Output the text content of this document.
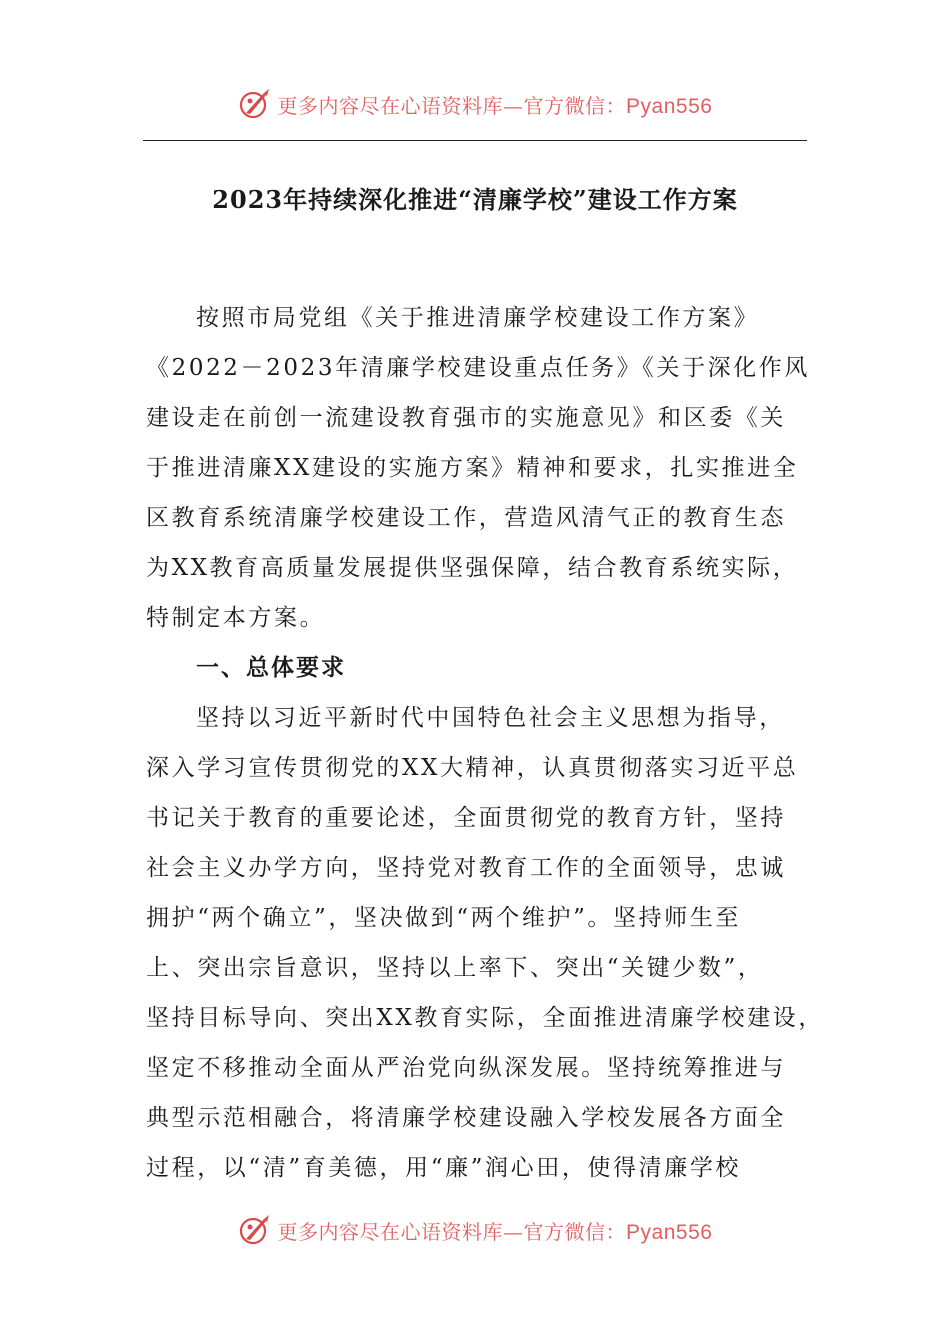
更多内容尽在心语资料库—官方微信：Pyan556
2023年持续深化推进“清廉学校”建设工作方案

按照市局党组《关于推进清廉学校建设工作方案》
《2022－2023年清廉学校建设重点任务》《关于深化作风
建设走在前创一流建设教育强市的实施意见》和区委《关
于推进清廉XX建设的实施方案》精神和要求，扎实推进全
区教育系统清廉学校建设工作，营造风清气正的教育生态
为XX教育高质量发展提供坚强保障，结合教育系统实际，
特制定本方案。

一、总体要求

坚持以习近平新时代中国特色社会主义思想为指导，
深入学习宣传贯彻党的XX大精神，认真贯彻落实习近平总
书记关于教育的重要论述，全面贯彻党的教育方针，坚持
社会主义办学方向，坚持党对教育工作的全面领导，忠诚
拥护“两个确立”，坚决做到“两个维护”。坚持师生至
上、突出宗旨意识，坚持以上率下、突出“关键少数”，
坚持目标导向、突出XX教育实际，全面推进清廉学校建设，
坚定不移推动全面从严治党向纵深发展。坚持统筹推进与
典型示范相融合，将清廉学校建设融入学校发展各方面全
过程，以“清”育美德，用“廉”润心田，使得清廉学校

更多内容尽在心语资料库—官方微信：Pyan556
